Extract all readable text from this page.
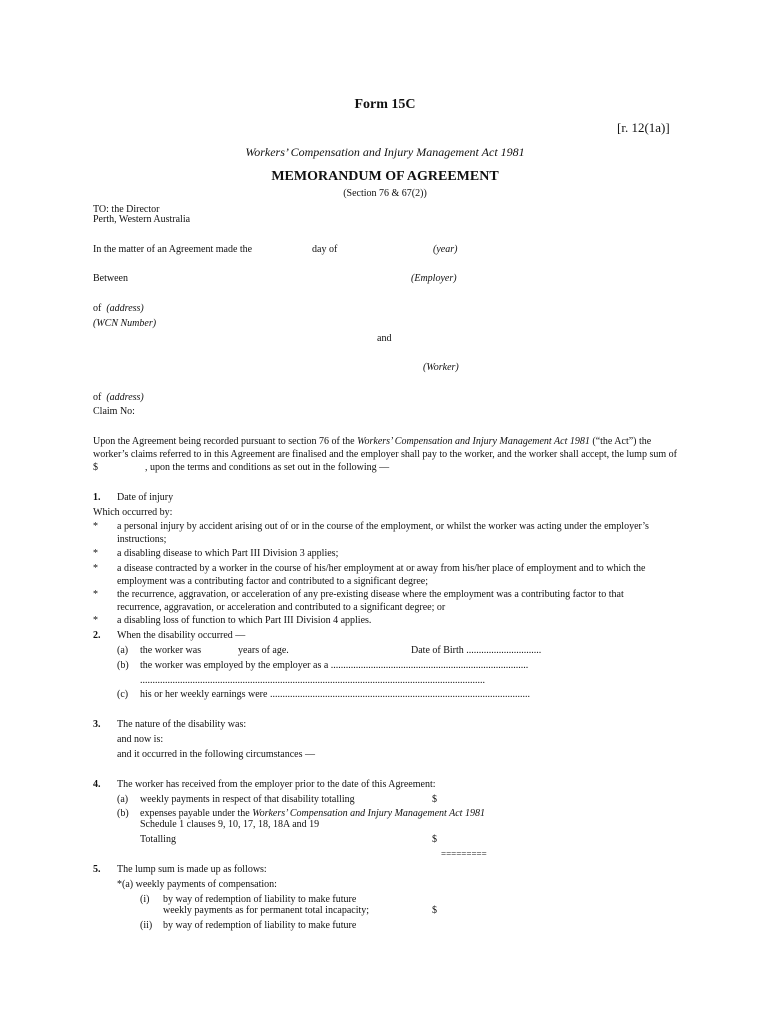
Form 15C
[r. 12(1a)]
Workers’ Compensation and Injury Management Act 1981
MEMORANDUM OF AGREEMENT
(Section 76 & 67(2))
TO: the Director
Perth, Western Australia
In the matter of an Agreement made the	day of	(year)
Between	(Employer)
of (address)
(WCN Number)
and
(Worker)
of (address)
Claim No:
Upon the Agreement being recorded pursuant to section 76 of the Workers’ Compensation and Injury Management Act 1981 (“the Act”) the worker’s claims referred to in this Agreement are finalised and the employer shall pay to the worker, and the worker shall accept, the lump sum of $	, upon the terms and conditions as set out in the following —
1. Date of injury
Which occurred by:
* a personal injury by accident arising out of or in the course of the employment, or whilst the worker was acting under the employer’s instructions;
* a disabling disease to which Part III Division 3 applies;
* a disease contracted by a worker in the course of his/her employment at or away from his/her place of employment and to which the employment was a contributing factor and contributed to a significant degree;
* the recurrence, aggravation, or acceleration of any pre-existing disease where the employment was a contributing factor to that recurrence, aggravation, or acceleration and contributed to a significant degree; or
* a disabling loss of function to which Part III Division 4 applies.
2. When the disability occurred —
(a) the worker was	years of age.	Date of Birth ..............................
(b) the worker was employed by the employer as a ...............................................................................
..........................................................................................................................................
(c) his or her weekly earnings were ........................................................................................................
3. The nature of the disability was:
and now is:
and it occurred in the following circumstances —
4. The worker has received from the employer prior to the date of this Agreement:
(a) weekly payments in respect of that disability totalling	$
(b) expenses payable under the Workers’ Compensation and Injury Management Act 1981
Schedule 1 clauses 9, 10, 17, 18, 18A and 19
Totalling	$
=========
5. The lump sum is made up as follows:
*(a) weekly payments of compensation:
(i) by way of redemption of liability to make future
weekly payments as for permanent total incapacity;	$
(ii) by way of redemption of liability to make future
